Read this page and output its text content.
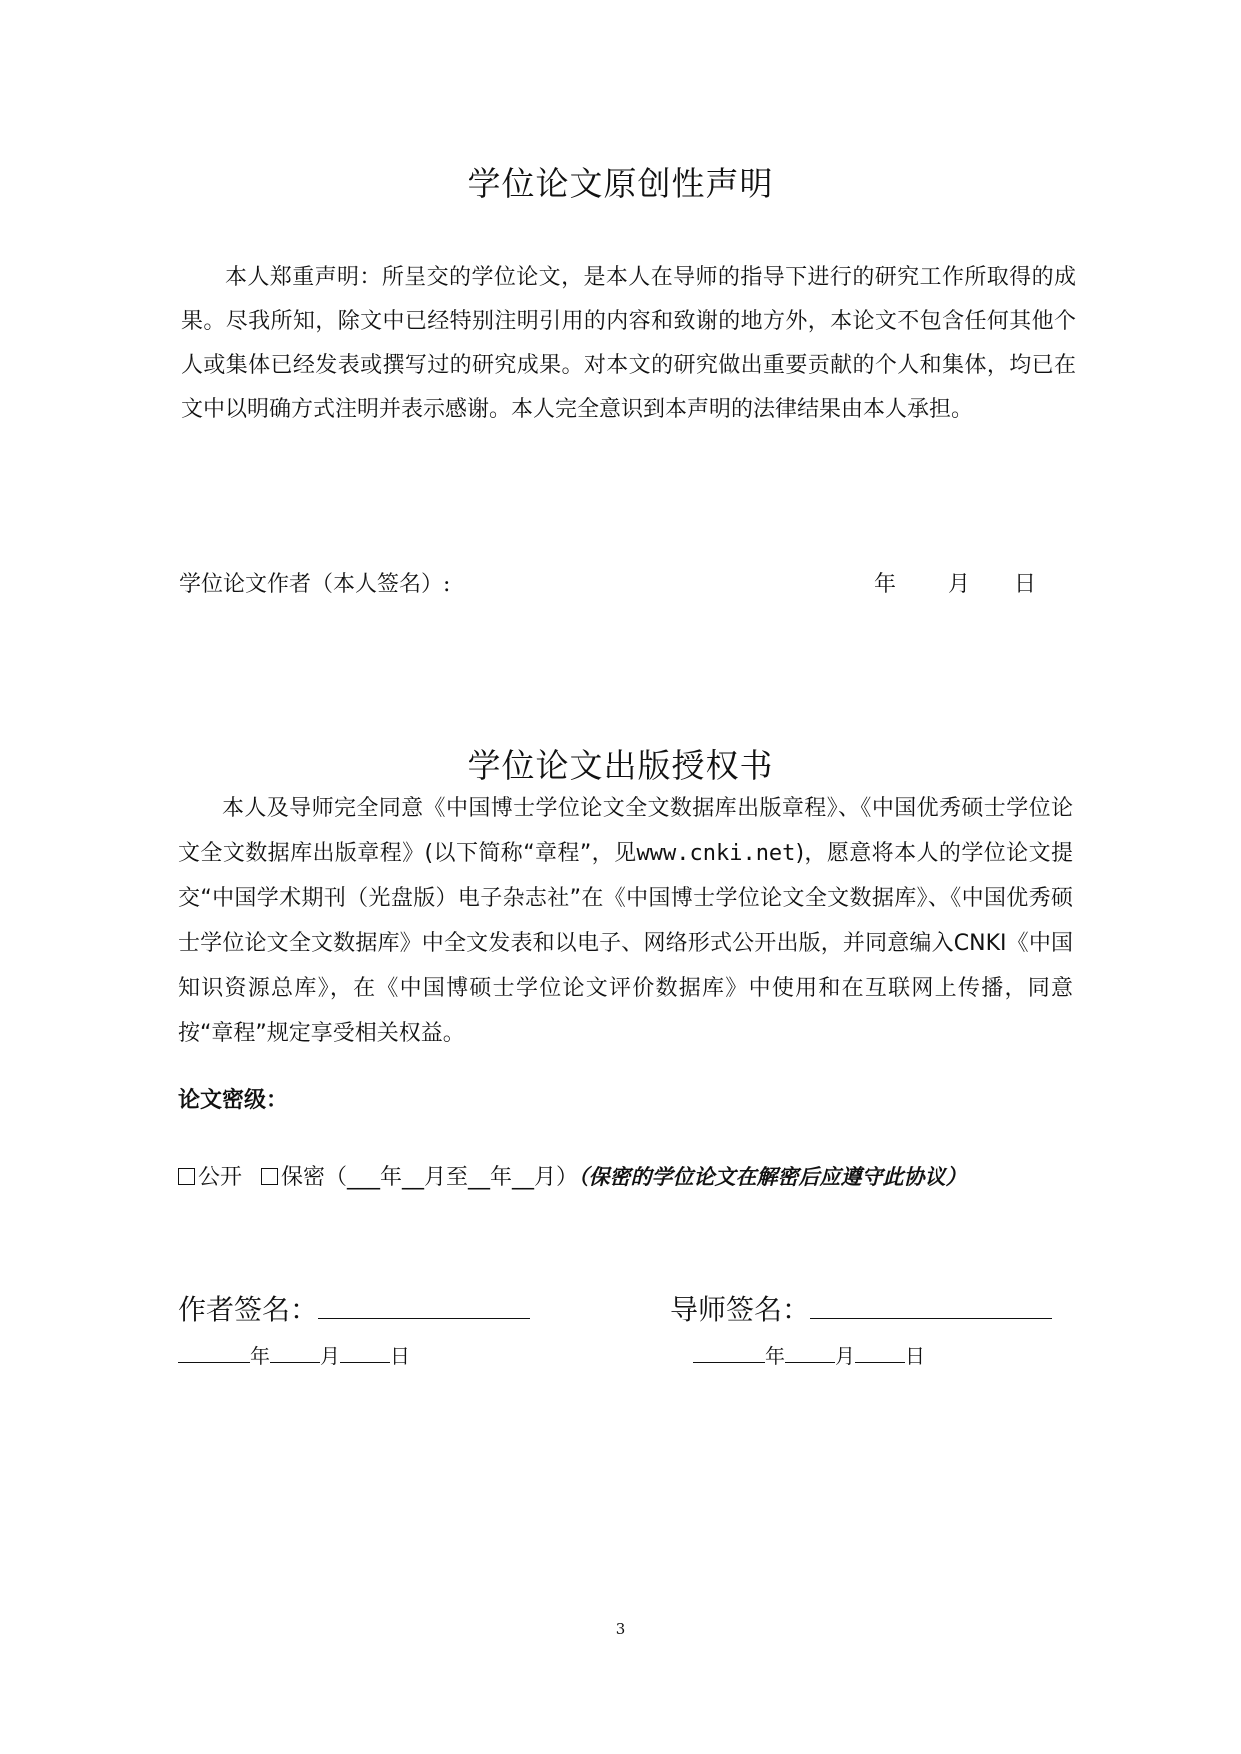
学位论文原创性声明

本人郑重声明：所呈交的学位论文，是本人在导师的指导下进行的研究工作所取得的成果。尽我所知，除文中已经特别注明引用的内容和致谢的地方外，本论文不包含任何其他个人或集体已经发表或撰写过的研究成果。对本文的研究做出重要贡献的个人和集体，均已在文中以明确方式注明并表示感谢。本人完全意识到本声明的法律结果由本人承担。

学位论文作者（本人签名）:	年 月 日
学位论文出版授权书

本人及导师完全同意《中国博士学位论文全文数据库出版章程》、《中国优秀硕士学位论文全文数据库出版章程》(以下简称“章程”，见www.cnki.net)，愿意将本人的学位论文提交“中国学术期刊（光盘版）电子杂志社”在《中国博士学位论文全文数据库》、《中国优秀硕士学位论文全文数据库》中全文发表和以电子、网络形式公开出版，并同意编入CNKI《中国知识资源总库》，在《中国博硕士学位论文评价数据库》中使用和在互联网上传播，同意按“章程”规定享受相关权益。

论文密级：
公开 保密（___年__月至__年__月）（保密的学位论文在解密后应遵守此协议）
作者签名：	导师签名：
年	月	日	年	月	日
3
